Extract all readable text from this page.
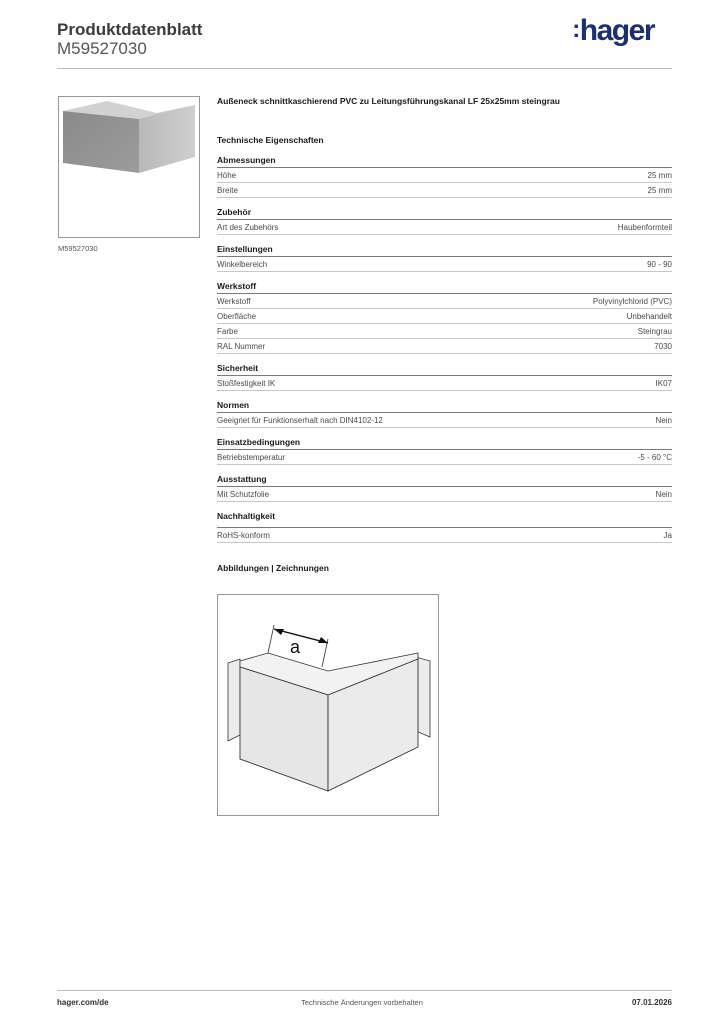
Produktdatenblatt
M59527030
:hager
M59527030
Außeneck schnittkaschierend PVC zu Leitungsführungskanal LF 25x25mm steingrau
Technische Eigenschaften
Abmessungen
Höhe	25 mm
Breite	25 mm
Zubehör
Art des Zubehörs	Haubenformteil
Einstellungen
Winkelbereich	90 - 90
Werkstoff
Werkstoff	Polyvinylchlorid (PVC)
Oberfläche	Unbehandelt
Farbe	Steingrau
RAL Nummer	7030
Sicherheit
Stoßfestigkeit IK	IK07
Normen
Geeignet für Funktionserhalt nach DIN4102-12	Nein
Einsatzbedingungen
Betriebstemperatur	-5 - 60 °C
Ausstattung
Mit Schutzfolie	Nein
Nachhaltigkeit
RoHS-konform	Ja
Abbildungen | Zeichnungen
a
hager.com/de	Technische Änderungen vorbehalten	07.01.2026
